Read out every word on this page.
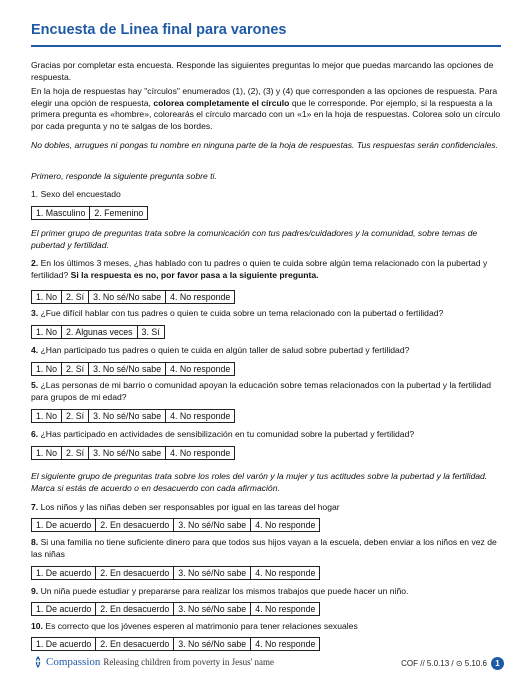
Encuesta de Linea final para varones

Gracias por completar esta encuesta. Responde las siguientes preguntas lo mejor que puedas marcando las opciones de respuesta.

En la hoja de respuestas hay "círculos" enumerados (1), (2), (3) y (4) que corresponden a las opciones de respuesta. Para elegir una opción de respuesta, colorea completamente el círculo que le corresponde. Por ejemplo, si la respuesta a la primera pregunta es «hombre», colorearás el círculo marcado con un «1» en la hoja de respuestas. Colorea solo un círculo por cada pregunta y no te salgas de los bordes.

No dobles, arrugues ni pongas tu nombre en ninguna parte de la hoja de respuestas. Tus respuestas serán confidenciales.

Primero, responde la siguiente pregunta sobre ti.

1. Sexo del encuestado
1. Masculino	2. Femenino

El primer grupo de preguntas trata sobre la comunicación con tus padres/cuidadores y la comunidad, sobre temas de pubertad y fertilidad.

2. En los últimos 3 meses, ¿has hablado con tu padres o quien te cuida sobre algún tema relacionado con la pubertad y fertilidad? Si la respuesta es no, por favor pasa a la siguiente pregunta.
1. No	2. Sí	3. No sé/No sabe	4. No responde
3. ¿Fue difícil hablar con tus padres o quien te cuida sobre un tema relacionado con la pubertad o fertilidad?
1. No	2. Algunas veces	3. Sí
4. ¿Han participado tus padres o quien te cuida en algún taller de salud sobre pubertad y fertilidad?
1. No	2. Sí	3. No sé/No sabe	4. No responde
5. ¿Las personas de mi barrio o comunidad apoyan la educación sobre temas relacionados con la pubertad y la fertilidad para grupos de mi edad?
1. No	2. Sí	3. No sé/No sabe	4. No responde
6. ¿Has participado en actividades de sensibilización en tu comunidad sobre la pubertad y fertilidad?
1. No	2. Sí	3. No sé/No sabe	4. No responde

El siguiente grupo de preguntas trata sobre los roles del varón y la mujer y tus actitudes sobre la pubertad y la fertilidad. Marca si estás de acuerdo o en desacuerdo con cada afirmación.

7. Los niños y las niñas deben ser responsables por igual en las tareas del hogar
1. De acuerdo	2. En desacuerdo	3. No sé/No sabe	4. No responde
8. Si una familia no tiene suficiente dinero para que todos sus hijos vayan a la escuela, deben enviar a los niños en vez de las niñas
1. De acuerdo	2. En desacuerdo	3. No sé/No sabe	4. No responde
9. Un niña puede estudiar y prepararse para realizar los mismos trabajos que puede hacer un niño.
1. De acuerdo	2. En desacuerdo	3. No sé/No sabe	4. No responde
10. Es correcto que los jóvenes esperen al matrimonio para tener relaciones sexuales
1. De acuerdo	2. En desacuerdo	3. No sé/No sabe	4. No responde
Compassion Releasing children from poverty in Jesus' name	COF // 5.0.13 / ⊙ 5.10.6	1
